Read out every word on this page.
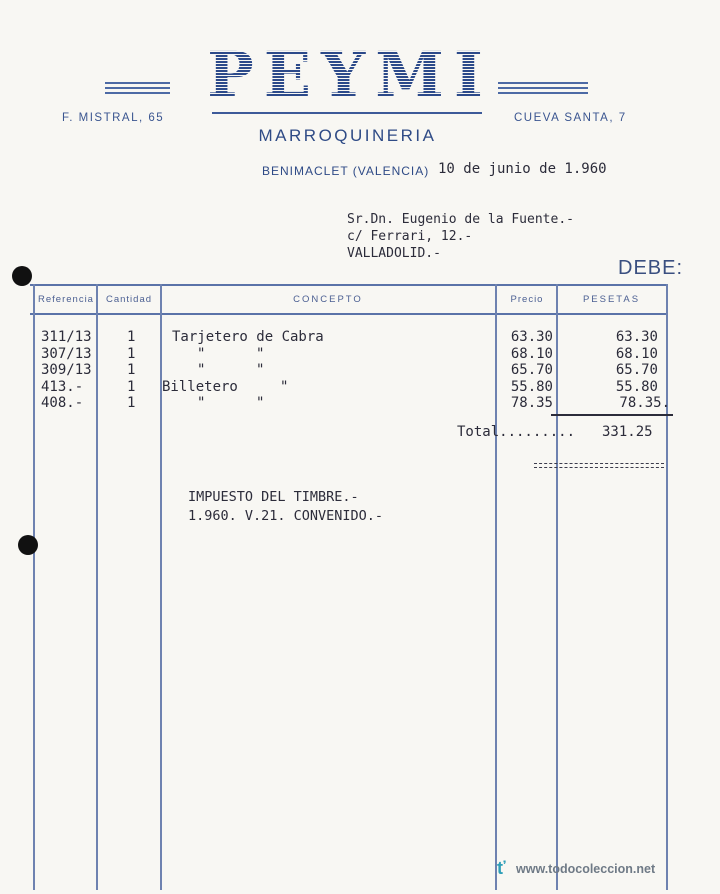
PEYMI
F. MISTRAL, 65	CUEVA SANTA, 7
MARROQUINERIA
BENIMACLET (VALENCIA) 10 de junio de 1.960
Sr.Dn. Eugenio de la Fuente.-
c/ Ferrari, 12.-
VALLADOLID.-
DEBE:
Referencia	Cantidad	CONCEPTO	Precio	PESETAS
311/13	1	Tarjetero de Cabra	63.30	63.30
307/13	1	"      "	68.10	68.10
309/13	1	"      "	65.70	65.70
413.-	1 Billetero     "	55.80	55.80
408.-	1	"      "	78.35	78.35.
Total......... 331.25
IMPUESTO DEL TIMBRE.-
1.960. V.21. CONVENIDO.-
ť www.todocoleccion.net
